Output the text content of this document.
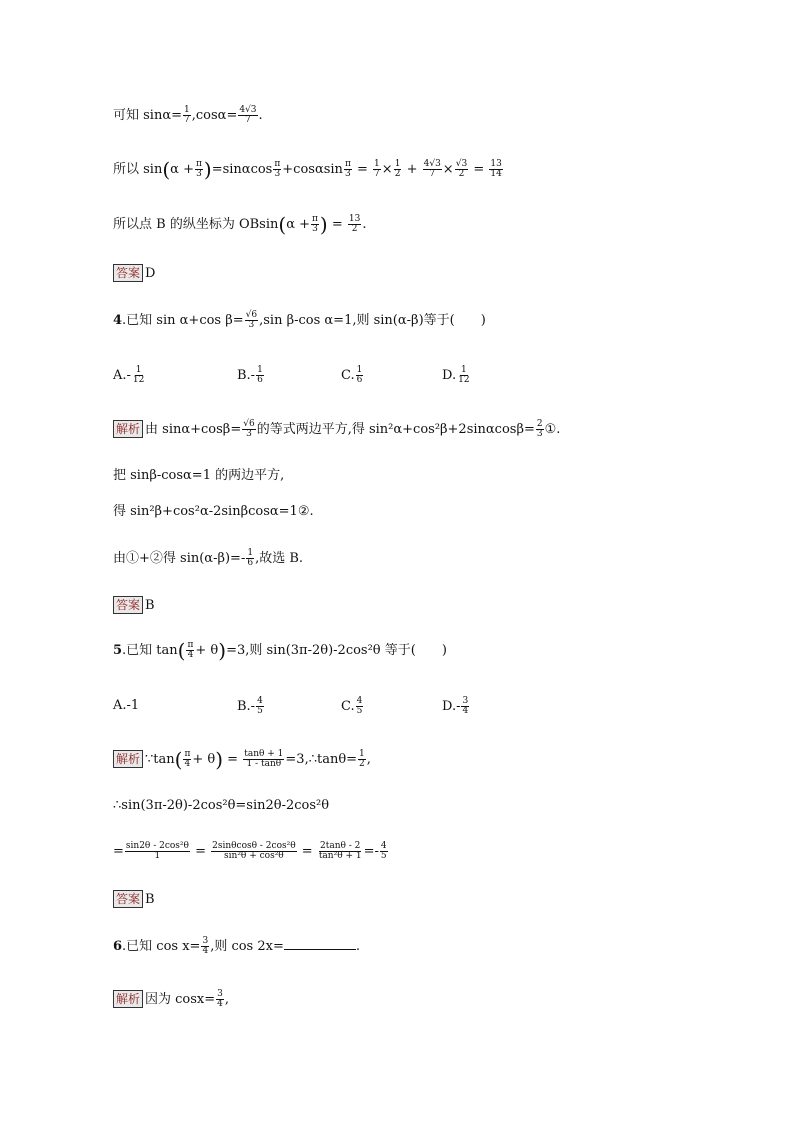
可知 $\sin\alpha= \frac{1}{7} ,\cos\alpha= \frac{4√3}{7}$ .
所以 $\sin(\alpha + \frac{\pi}{3} )=\sin\alpha\cos \frac{\pi}{3} +\cos\alpha\sin \frac{\pi}{3} = \frac{1}{7} \times \frac{1}{2} + \frac{4√3}{7} \times \frac{√3}{2} = \frac{13}{14}$
所以点 B 的纵坐标为 $OBsin(\alpha + \frac{\pi}{3}$ ) = $\frac{13}{2}$ .
答案 D
4.已知 sin α+cos $\beta= \frac{√6}{3} ,\sin$ β-cos α=1,则 sin(α-β)等于(　　)
$A.- \frac{1}{12}$	$B.- \frac{1}{6}$	C. $\frac{1}{6}$	D. $\frac{1}{12}$
解析 由 $\sin\alpha+\cos\beta= \frac{√6}{3}$ 的等式两边平方,得 $\sin^2\alpha+\cos^2\beta+2\sin\alpha\cos\beta= \frac{2}{3}$ ①.
把 sinβ-cosα=1 的两边平方,
得 sin²β+cos²α-2sinβcosα=1②.
由①+②得 $\sin(\alpha-\beta)=- \frac{1}{6}$ ,故选 B.
答案 B
5.已知 $\tan( \frac{\pi}{4} + \theta)=3$,则 sin(3π-2θ)-2cos²θ 等于(　　)
A.-1	$B.- \frac{4}{5}$	C. $\frac{4}{5}$	$D.- \frac{3}{4}$
解析 ∵tan( $\frac{\pi}{4} + \theta) = \frac{\tan\theta + 1}{1 - \tan\theta}$ =3,∴tanθ= $\frac{1}{2}$ ,
∴sin(3π-2θ)-2cos²θ=sin2θ-2cos²θ
= $\frac{\text{sin2θ - 2cos²θ}}{1} = \frac{\text{2sinθcosθ - 2cos²θ}}{\text{sin²θ + cos²θ}} = \frac{2\tan\theta - 2}{\text{tan²θ + 1}} =- \frac{4}{5}$
答案 B
6.已知 $\cos x= \frac{3}{4}$ ,则 cos 2x=	.
解析 因为 $\cos x= \frac{3}{4}$ ,
